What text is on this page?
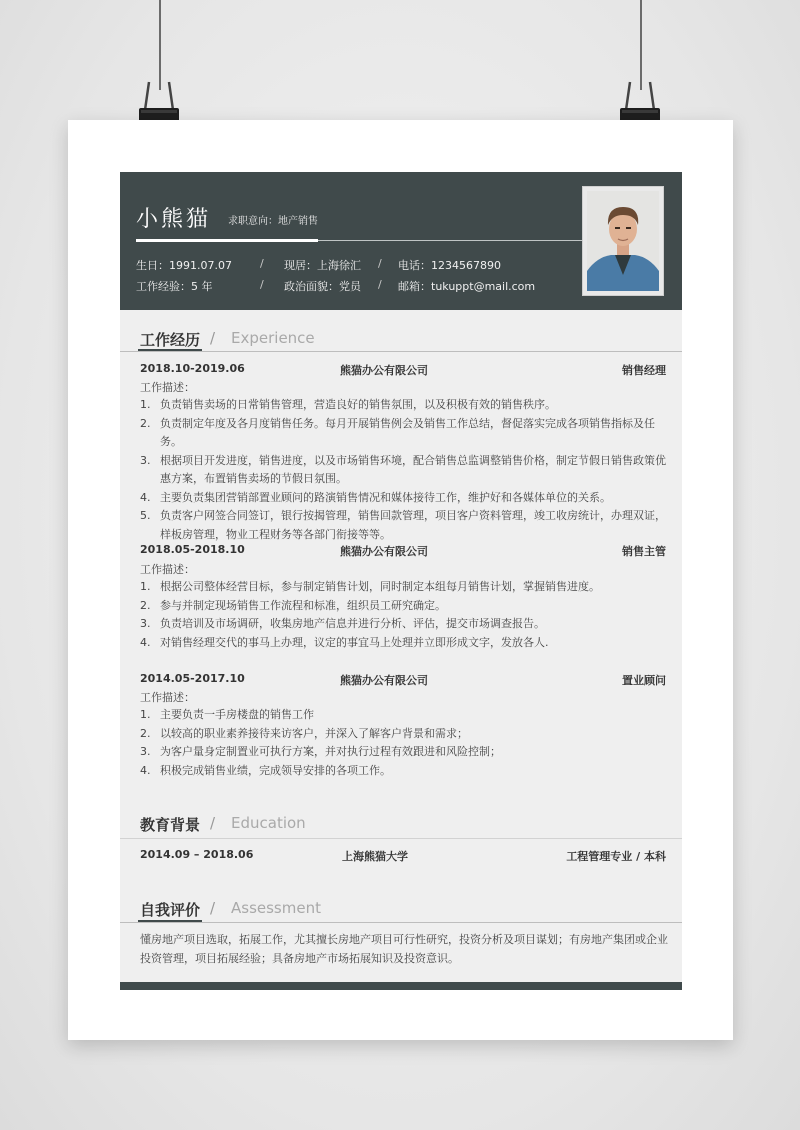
小熊猫 求职意向：地产销售
生日：1991.07.07	/ 现居：上海徐汇 / 电话：1234567890
工作经验：5 年	/ 政治面貌：党员 / 邮箱：tukuppt@mail.com
工作经历 / Experience
2018.10-2019.06	熊猫办公有限公司	销售经理
工作描述：
1. 负责销售卖场的日常销售管理，营造良好的销售氛围，以及积极有效的销售秩序。
2. 负责制定年度及各月度销售任务。每月开展销售例会及销售工作总结，督促落实完成各项销售指标及任务。
3. 根据项目开发进度，销售进度，以及市场销售环境，配合销售总监调整销售价格，制定节假日销售政策优惠方案，布置销售卖场的节假日氛围。
4. 主要负责集团营销部置业顾问的路演销售情况和媒体接待工作，维护好和各媒体单位的关系。
5. 负责客户网签合同签订，银行按揭管理，销售回款管理，项目客户资料管理，竣工收房统计，办理双证，样板房管理，物业工程财务等各部门衔接等等。
2018.05-2018.10	熊猫办公有限公司	销售主管
工作描述：
1. 根据公司整体经营目标，参与制定销售计划，同时制定本组每月销售计划，掌握销售进度。
2. 参与并制定现场销售工作流程和标准，组织员工研究确定。
3. 负责培训及市场调研，收集房地产信息并进行分析、评估，提交市场调查报告。
4. 对销售经理交代的事马上办理，议定的事宜马上处理并立即形成文字，发放各人.
2014.05-2017.10	熊猫办公有限公司	置业顾问
工作描述：
1. 主要负责一手房楼盘的销售工作
2. 以较高的职业素养接待来访客户，并深入了解客户背景和需求；
3. 为客户量身定制置业可执行方案，并对执行过程有效跟进和风险控制；
4. 积极完成销售业绩，完成领导安排的各项工作。
教育背景 / Education
2014.09 – 2018.06	上海熊猫大学	工程管理专业 / 本科
自我评价 / Assessment
懂房地产项目选取，拓展工作，尤其擅长房地产项目可行性研究，投资分析及项目谋划；有房地产集团或企业投资管理，项目拓展经验；具备房地产市场拓展知识及投资意识。
